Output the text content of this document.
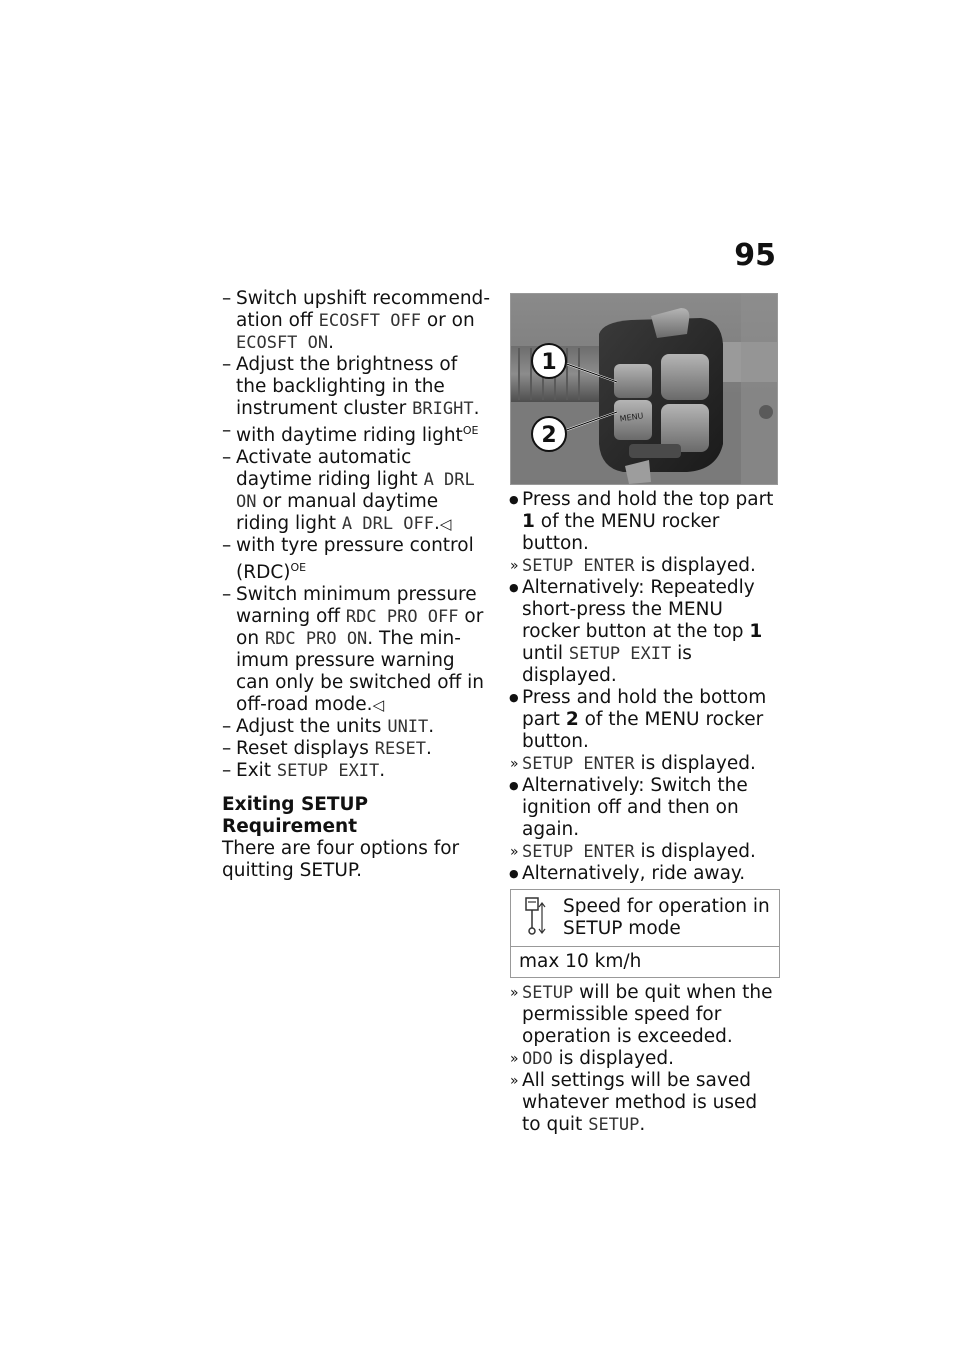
95

– Switch upshift recommendation off ECOSFT OFF or on ECOSFT ON.

– Adjust the brightness of the backlighting in the instrument cluster BRIGHT.

– with daytime riding light$^{OE}$

– Activate automatic daytime riding light A DRL ON or manual daytime riding light A DRL OFF.◁

– with tyre pressure control (RDC)$^{OE}$

– Switch minimum pressure warning off RDC PRO OFF or on RDC PRO ON. The minimum pressure warning can only be switched off in off-road mode.◁

– Adjust the units UNIT.

– Reset displays RESET.

– Exit SETUP EXIT.

Exiting SETUP

Requirement

There are four options for quitting SETUP.

MENU
1
2

● Press and hold the top part 1 of the MENU rocker button.

» SETUP ENTER is displayed.

● Alternatively: Repeatedly short-press the MENU rocker button at the top 1 until SETUP EXIT is displayed.

● Press and hold the bottom part 2 of the MENU rocker button.

» SETUP ENTER is displayed.

● Alternatively: Switch the ignition off and then on again.

» SETUP ENTER is displayed.

● Alternatively, ride away.

Speed for operation in SETUP mode
max 10 km/h

» SETUP will be quit when the permissible speed for operation is exceeded.

» ODO is displayed.

» All settings will be saved whatever method is used to quit SETUP.
